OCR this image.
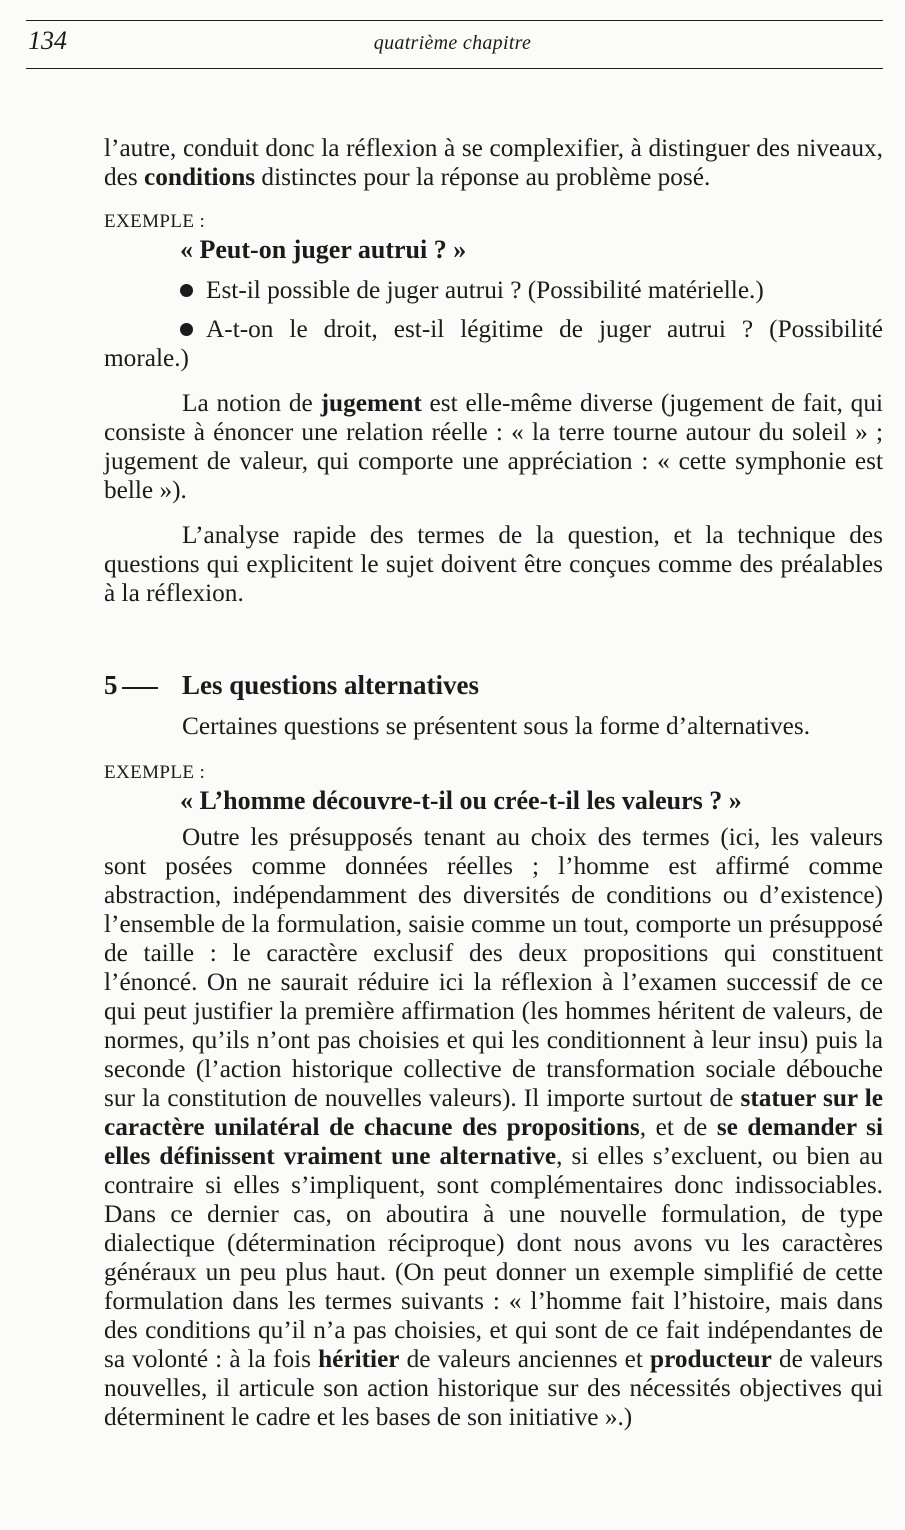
134	quatrième chapitre

l’autre, conduit donc la réflexion à se complexifier, à distinguer des niveaux, des conditions distinctes pour la réponse au problème posé.

EXEMPLE :
« Peut-on juger autrui ? »

Est-il possible de juger autrui ? (Possibilité matérielle.)

A-t-on le droit, est-il légitime de juger autrui ? (Possibilité morale.)

La notion de jugement est elle-même diverse (jugement de fait, qui consiste à énoncer une relation réelle : « la terre tourne autour du soleil » ; jugement de valeur, qui comporte une appréciation : « cette symphonie est belle »).

L’analyse rapide des termes de la question, et la technique des questions qui explicitent le sujet doivent être conçues comme des préalables à la réflexion.

5 Les questions alternatives

Certaines questions se présentent sous la forme d’alternatives.

EXEMPLE :
« L’homme découvre-t-il ou crée-t-il les valeurs ? »

Outre les présupposés tenant au choix des termes (ici, les valeurs sont posées comme données réelles ; l’homme est affirmé comme abstraction, indépendamment des diversités de conditions ou d’existence) l’ensemble de la formulation, saisie comme un tout, comporte un présupposé de taille : le caractère exclusif des deux propositions qui constituent l’énoncé. On ne saurait réduire ici la réflexion à l’examen successif de ce qui peut justifier la première affirmation (les hommes héritent de valeurs, de normes, qu’ils n’ont pas choisies et qui les conditionnent à leur insu) puis la seconde (l’action historique collective de transformation sociale débouche sur la constitution de nouvelles valeurs). Il importe surtout de statuer sur le caractère unilatéral de chacune des propositions, et de se demander si elles définissent vraiment une alternative, si elles s’excluent, ou bien au contraire si elles s’impliquent, sont complémentaires donc indissociables. Dans ce dernier cas, on aboutira à une nouvelle formulation, de type dialectique (détermination réciproque) dont nous avons vu les caractères généraux un peu plus haut. (On peut donner un exemple simplifié de cette formulation dans les termes suivants : « l’homme fait l’histoire, mais dans des conditions qu’il n’a pas choisies, et qui sont de ce fait indépendantes de sa volonté : à la fois héritier de valeurs anciennes et producteur de valeurs nouvelles, il articule son action historique sur des nécessités objectives qui déterminent le cadre et les bases de son initiative ».)
